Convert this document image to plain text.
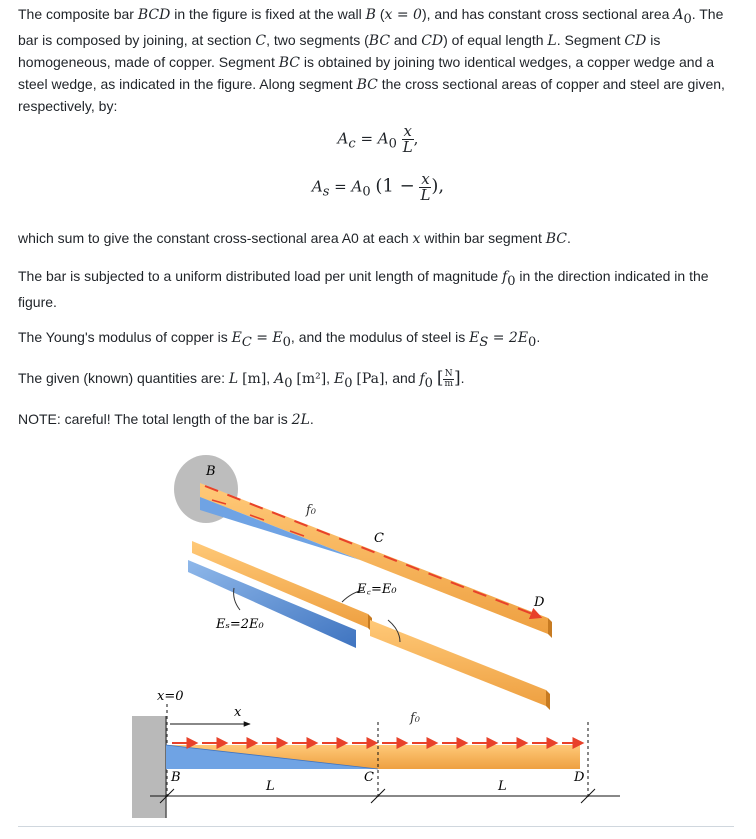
The composite bar BCD in the figure is fixed at the wall B (x = 0), and has constant cross sectional area $A_0$. The bar is composed by joining, at section C, two segments (BC and CD) of equal length L. Segment CD is homogeneous, made of copper. Segment BC is obtained by joining two identical wedges, a copper wedge and a steel wedge, as indicated in the figure. Along segment BC the cross sectional areas of copper and steel are given, respectively, by:

$A_c = A_0 \frac{x}{L}$ ,
$A_s = A_0$ ($1 - \frac{x}{L}$ ),

which sum to give the constant cross-sectional area A0 at each x within bar segment BC.

The bar is subjected to a uniform distributed load per unit length of magnitude $f_0$ in the direction indicated in the figure.

The Young's modulus of copper is $E_C = E_0$, and the modulus of steel is $E_S = 2E_0$.

The given (known) quantities are: L [m], $A_0$ [m²], $E_0$ [Pa], and $f_0$ [ $\frac{N}{m}$ ].

NOTE: careful! The total length of the bar is 2L.

B
f₀
C
D
E꜀=E₀
Eₛ=2E₀
x=0
x	f₀
B	C	D
L	L
